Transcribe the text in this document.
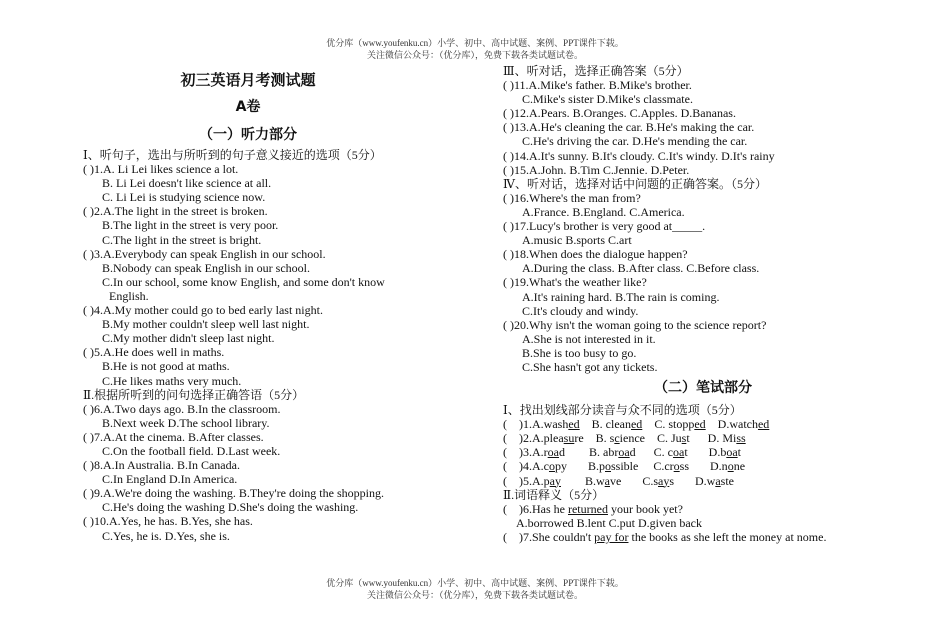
优分库（www.youfenku.cn）小学、初中、高中试题、案例、PPT课件下载。
关注微信公众号：（优分库），免费下载各类试题试卷。
初三英语月考测试题
A卷
（一）听力部分
Ⅰ、听句子，选出与所听到的句子意义接近的选项（5分）
( )1.A. Li Lei likes science a lot.
B. Li Lei doesn't like science at all.
C. Li Lei is studying science now.
( )2.A.The light in the street is broken.
B.The light in the street is very poor.
C.The light in the street is bright.
( )3.A.Everybody can speak English in our school.
B.Nobody can speak English in our school.
C.In our school, some know English, and some don't know
English.
( )4.A.My mother could go to bed early last night.
B.My mother couldn't sleep well last night.
C.My mother didn't sleep last night.
( )5.A.He does well in maths.
B.He is not good at maths.
C.He likes maths very much.
Ⅱ.根据所听到的问句选择正确答语（5分）
( )6.A.Two days ago. B.In the classroom.
B.Next week D.The school library.
( )7.A.At the cinema. B.After classes.
C.On the football field. D.Last week.
( )8.A.In Australia. B.In Canada.
C.In England D.In America.
( )9.A.We're doing the washing. B.They're doing the shopping.
C.He's doing the washing D.She's doing the washing.
( )10.A.Yes, he has. B.Yes, she has.
C.Yes, he is. D.Yes, she is.
Ⅲ、听对话，选择正确答案（5分）
( )11.A.Mike's father. B.Mike's brother.
C.Mike's sister D.Mike's classmate.
( )12.A.Pears. B.Oranges. C.Apples. D.Bananas.
( )13.A.He's cleaning the car. B.He's making the car.
C.He's driving the car. D.He's mending the car.
( )14.A.It's sunny. B.It's cloudy. C.It's windy. D.It's rainy
( )15.A.John. B.Tim C.Jennie. D.Peter.
Ⅳ、听对话，选择对话中问题的正确答案。（5分）
( )16.Where's the man from?
A.France. B.England. C.America.
( )17.Lucy's brother is very good at_____.
A.music B.sports C.art
( )18.When does the dialogue happen?
A.During the class. B.After class. C.Before class.
( )19.What's the weather like?
A.It's raining hard. B.The rain is coming.
C.It's cloudy and windy.
( )20.Why isn't the woman going to the science report?
A.She is not interested in it.
B.She is too busy to go.
C.She hasn't got any tickets.
（二）笔试部分
Ⅰ、找出划线部分读音与众不同的选项（5分）
(    )1.A.washed    B. cleaned    C. stopped    D.watched
(    )2.A.pleasure    B. science    C. Just      D. Miss
(    )3.A.road        B. abroad      C. coat       D.boat
(    )4.A.copy       B.possible     C.cross       D.none
(    )5.A.pay        B.wave       C.says       D.waste
Ⅱ.词语释义（5分）
(    )6.Has he returned your book yet?
A.borrowed B.lent C.put D.given back
(    )7.She couldn't pay for the books as she left the money at nome.
优分库（www.youfenku.cn）小学、初中、高中试题、案例、PPT课件下载。
关注微信公众号：（优分库），免费下载各类试题试卷。
